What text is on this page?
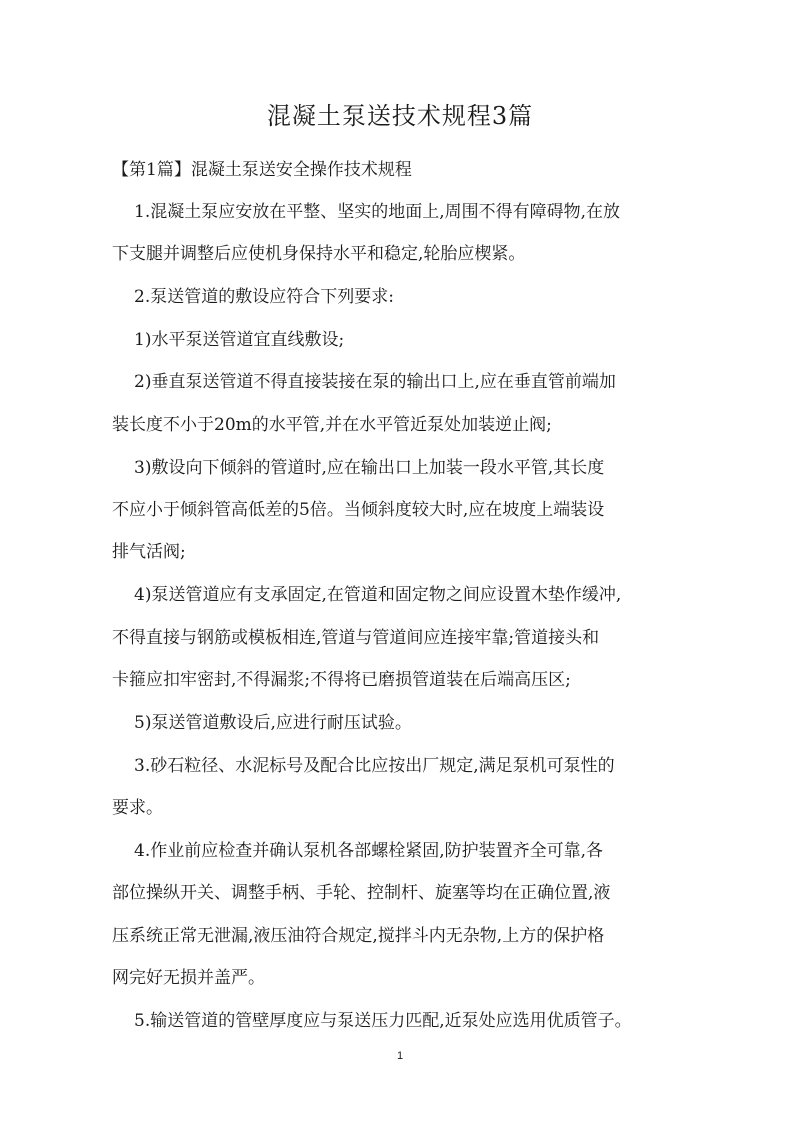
混凝土泵送技术规程3篇

【第1篇】混凝土泵送安全操作技术规程

1.混凝土泵应安放在平整、坚实的地面上,周围不得有障碍物,在放

下支腿并调整后应使机身保持水平和稳定,轮胎应楔紧。

2.泵送管道的敷设应符合下列要求:

1)水平泵送管道宜直线敷设;

2)垂直泵送管道不得直接装接在泵的输出口上,应在垂直管前端加

装长度不小于20m的水平管,并在水平管近泵处加装逆止阀;

3)敷设向下倾斜的管道时,应在输出口上加装一段水平管,其长度

不应小于倾斜管高低差的5倍。当倾斜度较大时,应在坡度上端装设

排气活阀;

4)泵送管道应有支承固定,在管道和固定物之间应设置木垫作缓冲,

不得直接与钢筋或模板相连,管道与管道间应连接牢靠;管道接头和

卡箍应扣牢密封,不得漏浆;不得将已磨损管道装在后端高压区;

5)泵送管道敷设后,应进行耐压试验。

3.砂石粒径、水泥标号及配合比应按出厂规定,满足泵机可泵性的

要求。

4.作业前应检查并确认泵机各部螺栓紧固,防护装置齐全可靠,各

部位操纵开关、调整手柄、手轮、控制杆、旋塞等均在正确位置,液

压系统正常无泄漏,液压油符合规定,搅拌斗内无杂物,上方的保护格

网完好无损并盖严。

5.输送管道的管壁厚度应与泵送压力匹配,近泵处应选用优质管子。

1
